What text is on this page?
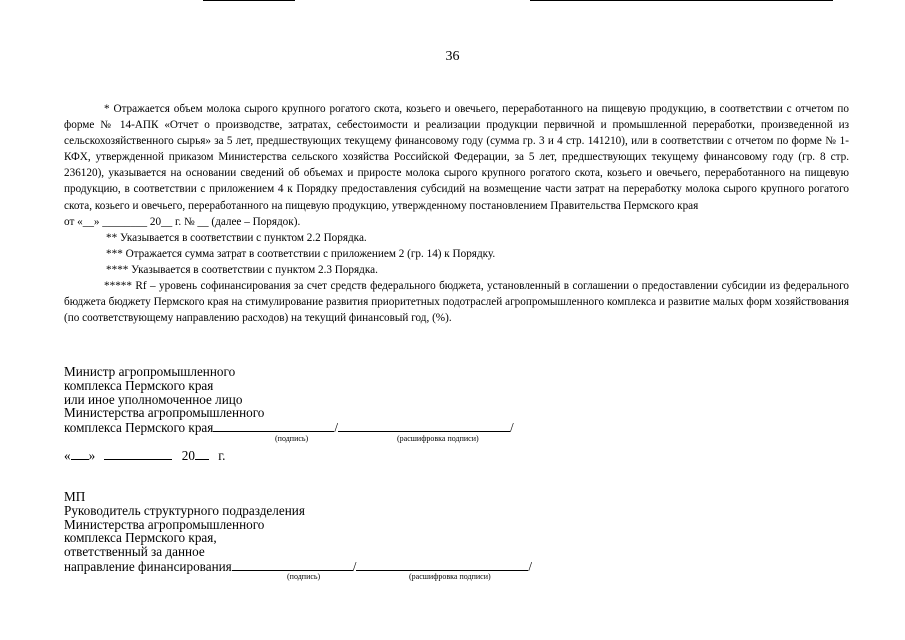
36

* Отражается объем молока сырого крупного рогатого скота, козьего и овечьего, переработанного на пищевую продукцию, в соответствии с отчетом по форме № 14-АПК «Отчет о производстве, затратах, себестоимости и реализации продукции первичной и промышленной переработки, произведенной из сельскохозяйственного сырья» за 5 лет, предшествующих текущему финансовому году (сумма гр. 3 и 4 стр. 141210), или в соответствии с отчетом по форме № 1-КФХ, утвержденной приказом Министерства сельского хозяйства Российской Федерации, за 5 лет, предшествующих текущему финансовому году (гр. 8 стр. 236120), указывается на основании сведений об объемах и приросте молока сырого крупного рогатого скота, козьего и овечьего, переработанного на пищевую продукцию, в соответствии с приложением 4 к Порядку предоставления субсидий на возмещение части затрат на переработку молока сырого крупного рогатого скота, козьего и овечьего, переработанного на пищевую продукцию, утвержденному постановлением Правительства Пермского края

от «__» ________ 20__ г. № __ (далее – Порядок).

** Указывается в соответствии с пунктом 2.2 Порядка.

*** Отражается сумма затрат в соответствии с приложением 2 (гр. 14) к Порядку.

**** Указывается в соответствии с пунктом 2.3 Порядка.

***** Rf – уровень софинансирования за счет средств федерального бюджета, установленный в соглашении о предоставлении субсидии из федерального бюджета бюджету Пермского края на стимулирование развития приоритетных подотраслей агропромышленного комплекса и развитие малых форм хозяйствования (по соответствующему направлению расходов) на текущий финансовый год, (%).

Министр агропромышленного
комплекса Пермского края
или иное уполномоченное лицо
Министерства агропромышленного
комплекса Пермского края	/	/
(подпись)	(расшифровка подписи)
« »	20 г.
МП
Руководитель структурного подразделения
Министерства агропромышленного
комплекса Пермского края,
ответственный за данное
направление финансирования	/	/
(подпись)	(расшифровка подписи)
